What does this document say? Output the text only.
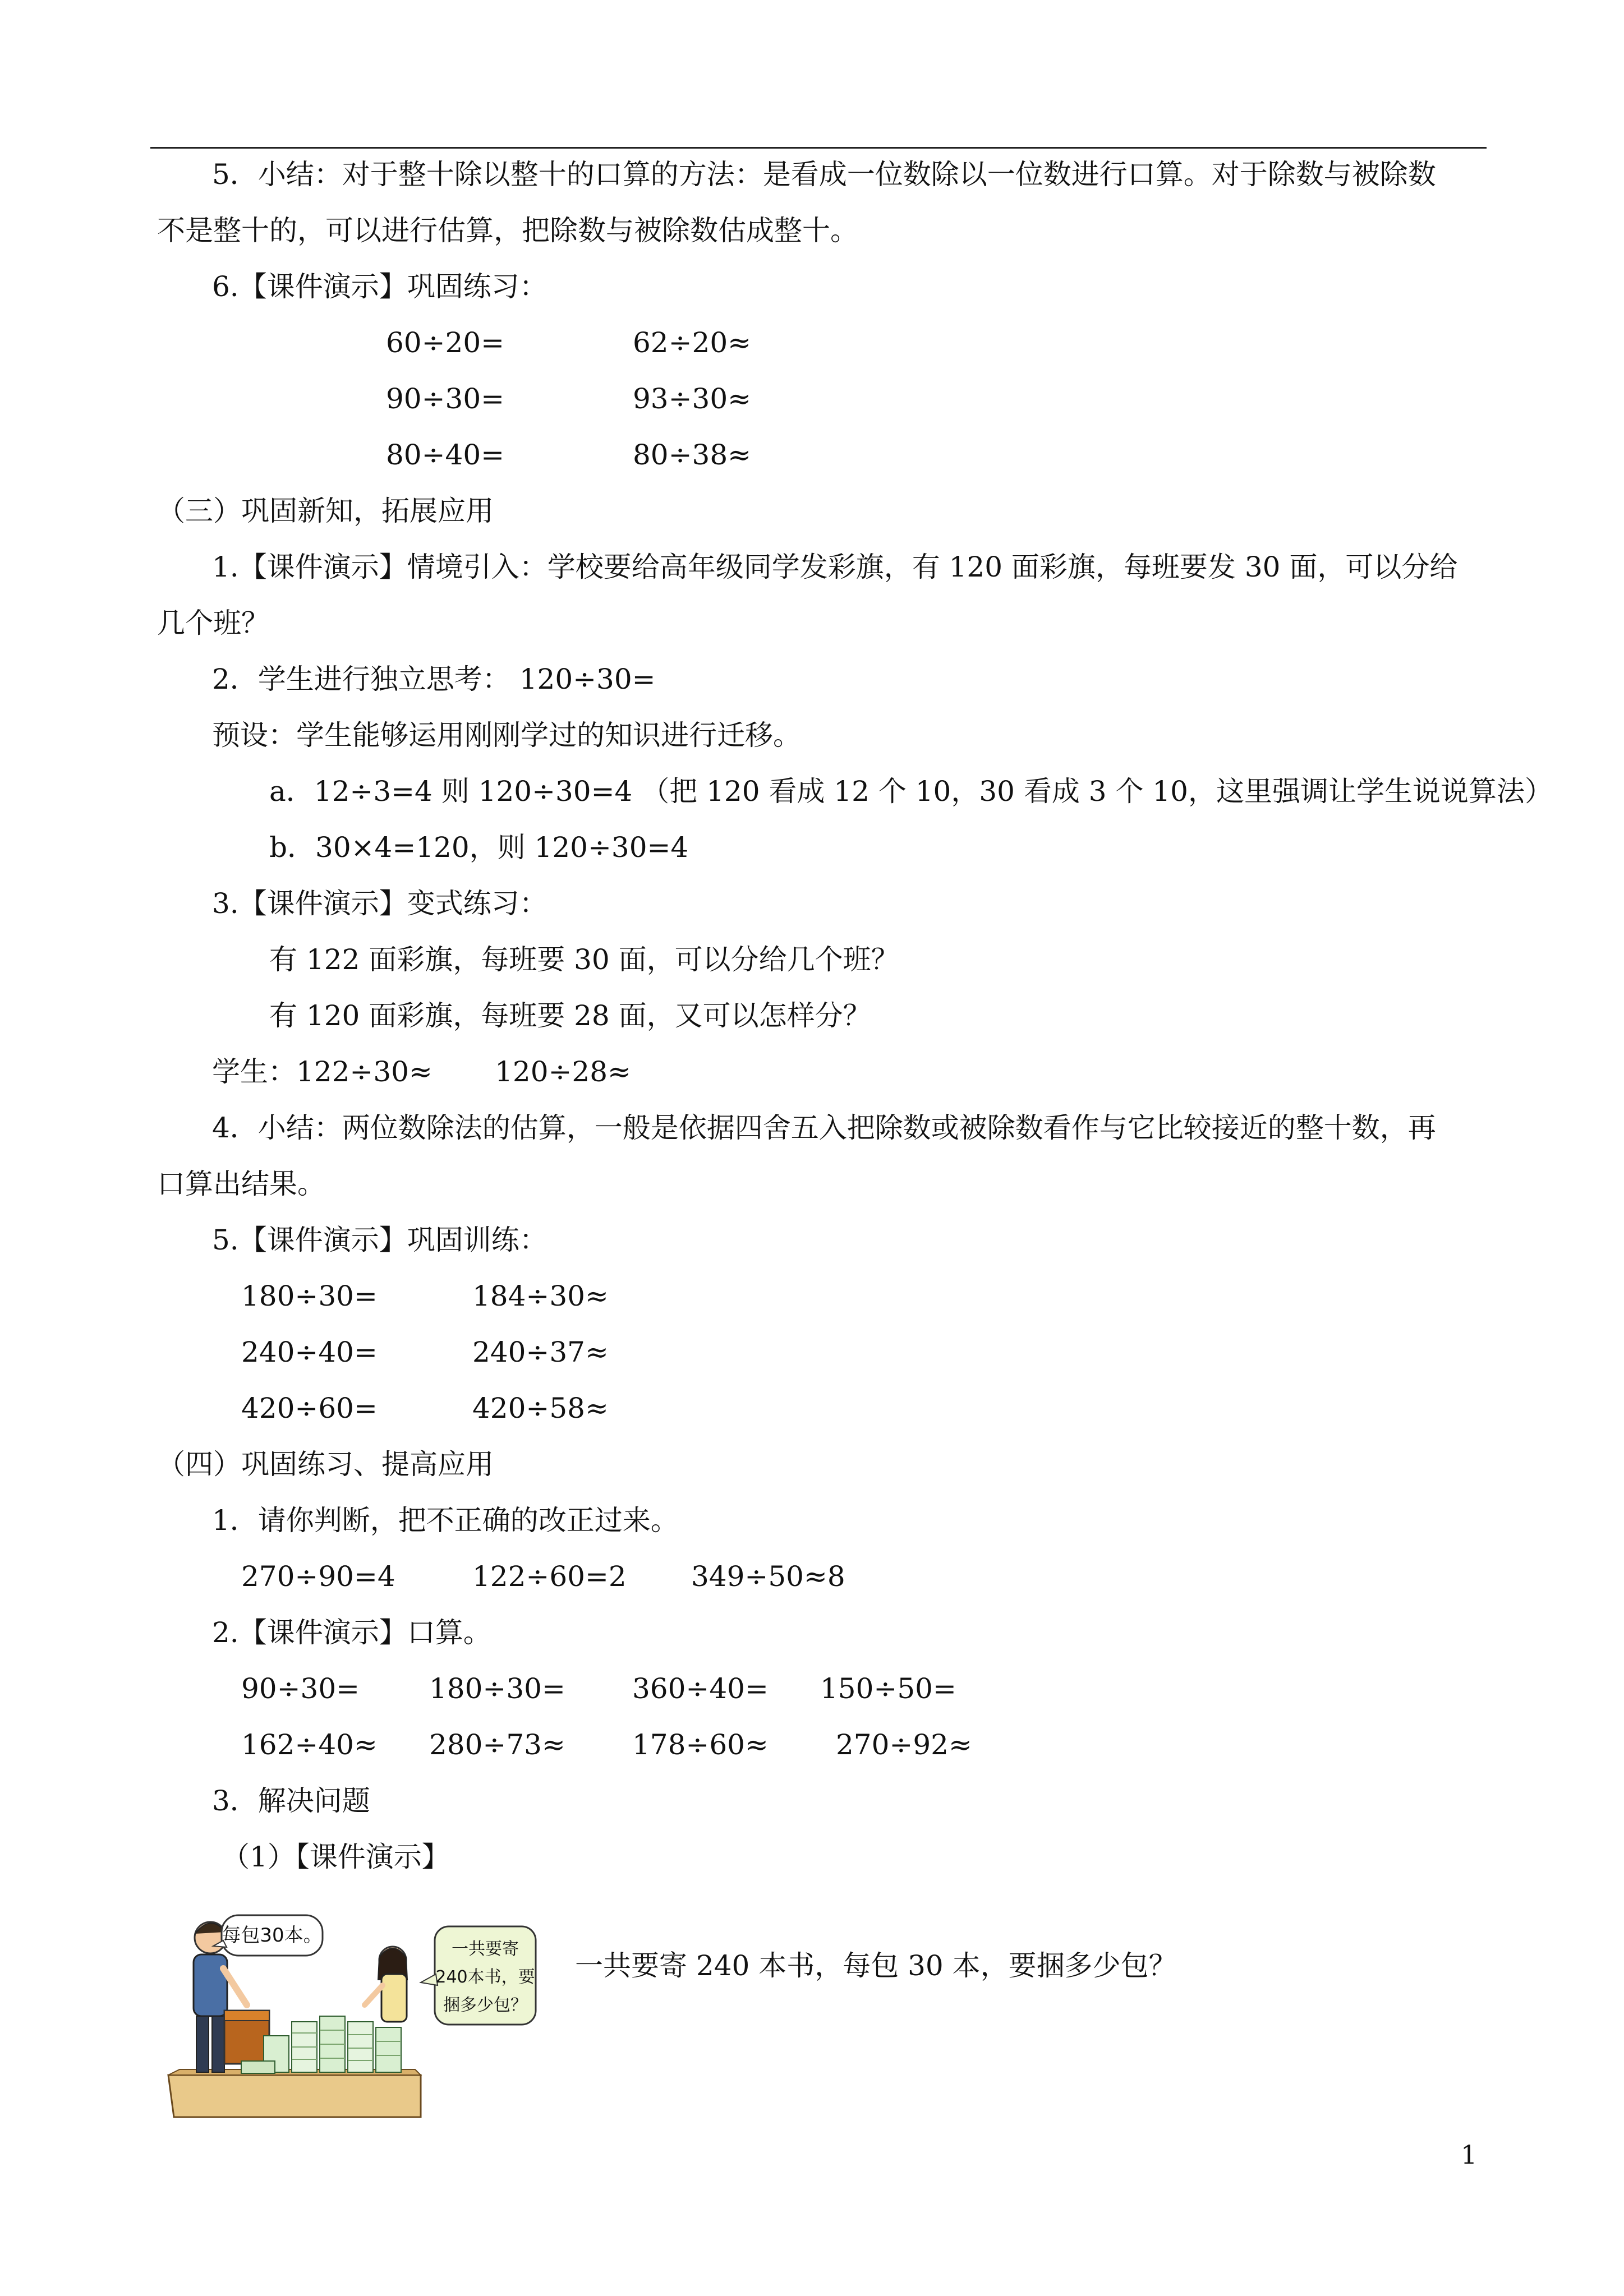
5．小结：对于整十除以整十的口算的方法：是看成一位数除以一位数进行口算。对于除数与被除数
不是整十的，可以进行估算，把除数与被除数估成整十。
6.【课件演示】巩固练习：
60÷20=	62÷20≈
90÷30=	93÷30≈
80÷40=	80÷38≈
（三）巩固新知，拓展应用
1.【课件演示】情境引入：学校要给高年级同学发彩旗，有 120 面彩旗，每班要发 30 面，可以分给
几个班？
2．学生进行独立思考： 120÷30=
预设：学生能够运用刚刚学过的知识进行迁移。
a．12÷3=4 则 120÷30=4 （把 120 看成 12 个 10，30 看成 3 个 10，这里强调让学生说说算法）
b．30×4=120，则 120÷30=4
3.【课件演示】变式练习：
有 122 面彩旗，每班要 30 面，可以分给几个班？
有 120 面彩旗，每班要 28 面，又可以怎样分？
学生：122÷30≈       120÷28≈
4．小结：两位数除法的估算，一般是依据四舍五入把除数或被除数看作与它比较接近的整十数，再
口算出结果。
5.【课件演示】巩固训练：
180÷30=	184÷30≈
240÷40=	240÷37≈
420÷60=	420÷58≈
（四）巩固练习、提高应用
1．请你判断，把不正确的改正过来。
270÷90=4	122÷60=2 349÷50≈8
2.【课件演示】口算。
90÷30= 180÷30= 360÷40= 150÷50=
162÷40≈ 280÷73≈ 178÷60≈ 270÷92≈
3．解决问题
（1）【课件演示】
每包30本。
一共要寄
240本书，要
捆多少包？
一共要寄 240 本书，每包 30 本，要捆多少包？
1
